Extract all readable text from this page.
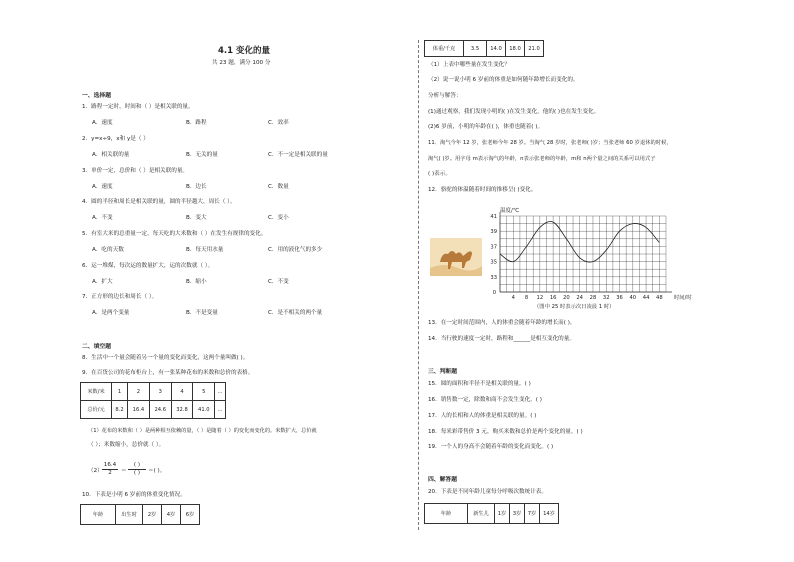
4.1 变化的量
共 23 题，满分 100 分
一、选择题
1．路程一定时，时间和（ ）是相关联的量。
A．速度	B．路程	C．效率
2．y=x÷9，x和 y是（ ）
A．相关联的量	B．无关的量	C．不一定是相关联的量
3．单价一定，总价和（ ）是相关联的量。
A．速度	B．边长	C．数量
4．圆的半径和周长是相关联的量，圆的半径越大，周长（ ）。
A．不变	B．变大	C．变小
5．有室大米的总重量一定，每天吃的大米数和（ ）在发生有规律的变化。
A．吃的天数	B．每天用水量	C．用的液化气的多少
6．运一堆煤，每次运的数量扩大，运的次数就（ ）。
A．扩大	B．缩小	C．不变
7．正方形的边长和周长（ ）。
A．是两个变量	B．不是变量	C．是不相关的两个量
二、填空题
8．生活中一个量会随着另一个量的变化而变化，这两个量叫做( )。
9．在百货公司的花布柜台上，有一张某种花布的米数和总价的表格。
米数/米	1	2	3	4	5	…
总价/元	8.2	16.4	24.6	32.8	41.0	…
（1）花布的米数和（ ）是两种相互依赖的量，（ ）是随着（ ）的变化而变化的。米数扩大，总价就
（ ）；米数缩小，总价就（ ）。
（2）
16.4
2	＝
( )
( )	＝( )。
10．下表是小明 6 岁前的体重变化情况。
年龄	出生时	2岁	4岁	6岁
体重/千克	3.5	14.0	18.0	21.0
（1）上表中哪些量在发生变化？
（2）说一说小明 6 岁前的体重是如何随年龄增长而变化的。
分析与解答：
(1)通过观察，我们发现小明的( )在发生变化，他的( )也在发生变化。
(2)6 岁前，小明的年龄在( )，体重也随着( )。
11．淘气今年 12 岁，张老师今年 28 岁。当淘气 28 岁时，张老师( )岁；当张老师 60 岁退休的时候，
淘气( )岁。用字母 m表示淘气的年龄，n表示张老师的年龄，m和 n两个量之间的关系可以用式子
( )表示。
12．骆驼的体温随着时间的推移呈( )变化。
温度/℃
0
33
35
37
39
41
4 8 12 16 20 24 28 32 36 40 44 48 时间/时
（图中 25 时表示次日凌晨 1 时）
13．在一定时间范围内，人的体重会随着年龄的增长而( )。
14．当行驶的速度一定时，路程和______是相互变化的量。
三、判断题
15．圆的面积和半径不是相关联的量。( )
16．销售数一定，除数和商不会发生变化。( )
17．人的长相和人的体重是相关联的量。( )
18．每米彩带售价 3 元，购买米数和总价是两个变化的量。( )
19．一个人的身高不会随着年龄的变化而变化。( )
四、解答题
20．下表是不同年龄儿童每分呼吸次数统计表。
年龄	新生儿	1岁	3岁	7岁	14岁
